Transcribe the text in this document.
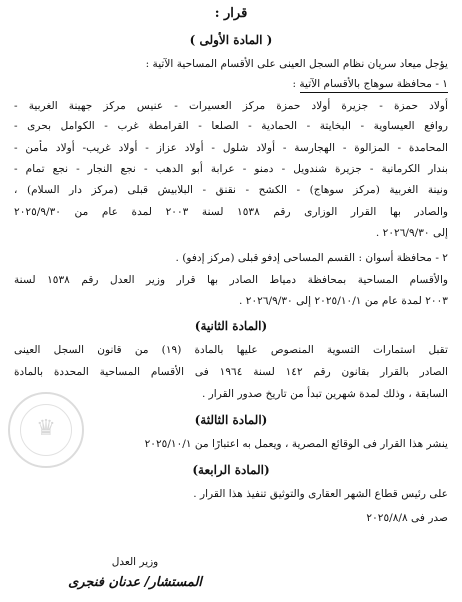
قرار :
( المادة الأولى )
يؤجل ميعاد سريان نظام السجل العينى على الأقسام المساحية الآتية :
١ - محافظة سوهاج بالأقسام الآتية :
أولاد حمزة - جزيرة أولاد حمزة مركز العسيرات - عنيس مركز جهينة الغربية -
روافع العيساوية - البخايتة - الحمادية - الصلعا - القرامطة غرب - الكوامل بحرى -
المحامدة - المزالوة - الهجارسة - أولاد شلول - أولاد عزاز - أولاد غريب- أولاد مأمن -
بندار الكرمانية - جزيرة شندويل - دمنو - عرابة أبو الدهب - نجع النجار - نجع تمام -
ونينة الغربية (مركز سوهاج) - الكشح - نقنق - البلابيش قبلى (مركز دار السلام) ،
والصادر بها القرار الوزارى رقم ١٥٣٨ لسنة ٢٠٠٣ لمدة عام من ٢٠٢٥/٩/٣٠
إلى ٢٠٢٦/٩/٣٠ .
٢ - محافظة أسوان : القسم المساحى إدفو قبلى (مركز إدفو) .
والأقسام المساحية بمحافظة دمياط الصادر بها قرار وزير العدل رقم ١٥٣٨ لسنة
٢٠٠٣ لمدة عام من ٢٠٢٥/١٠/١ إلى ٢٠٢٦/٩/٣٠ .
(المادة الثانية)
تقبل استمارات التسوية المنصوص عليها بالمادة (١٩) من قانون السجل العينى
الصادر بالقرار بقانون رقم ١٤٢ لسنة ١٩٦٤ فى الأقسام المساحية المحددة بالمادة
السابقة ، وذلك لمدة شهرين تبدأ من تاريخ صدور القرار .
♛	(المادة الثالثة)
ينشر هذا القرار فى الوقائع المصرية ، ويعمل به اعتبارًا من ٢٠٢٥/١٠/١
(المادة الرابعة)
على رئيس قطاع الشهر العقارى والتوثيق تنفيذ هذا القرار .
صدر فى ٢٠٢٥/٨/٨
وزير العدل
المستشار/ عدنان فنجرى
